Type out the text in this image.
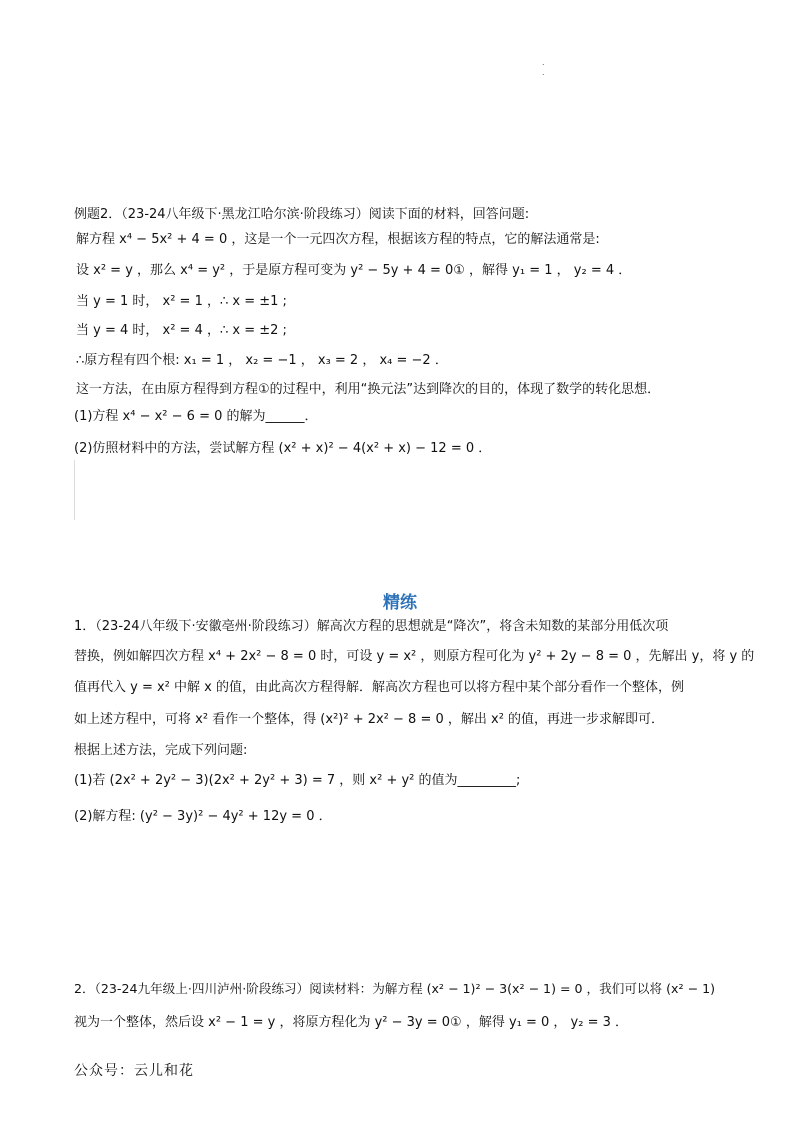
.
.
例题2．（23-24八年级下·黑龙江哈尔滨·阶段练习）阅读下面的材料，回答问题:
解方程 x⁴ − 5x² + 4 = 0 ，这是一个一元四次方程，根据该方程的特点，它的解法通常是:
设 x² = y ，那么 x⁴ = y² ，于是原方程可变为 y² − 5y + 4 = 0① ，解得 y₁ = 1 ， y₂ = 4 ．
当 y = 1 时， x² = 1 ，∴ x = ±1 ;
当 y = 4 时， x² = 4 ，∴ x = ±2 ;
∴原方程有四个根: x₁ = 1 ， x₂ = −1 ， x₃ = 2 ， x₄ = −2 ．
这一方法，在由原方程得到方程①的过程中，利用“换元法”达到降次的目的，体现了数学的转化思想．
(1)方程 x⁴ − x² − 6 = 0 的解为______．
(2)仿照材料中的方法，尝试解方程 (x² + x)² − 4(x² + x) − 12 = 0 ．
精练
1．（23-24八年级下·安徽亳州·阶段练习）解高次方程的思想就是“降次”，将含未知数的某部分用低次项
替换，例如解四次方程 x⁴ + 2x² − 8 = 0 时，可设 y = x² ，则原方程可化为 y² + 2y − 8 = 0 ，先解出 y，将 y 的
值再代入 y = x² 中解 x 的值，由此高次方程得解．解高次方程也可以将方程中某个部分看作一个整体，例
如上述方程中，可将 x² 看作一个整体，得 (x²)² + 2x² − 8 = 0 ，解出 x² 的值，再进一步求解即可．
根据上述方法，完成下列问题:
(1)若 (2x² + 2y² − 3)(2x² + 2y² + 3) = 7 ，则 x² + y² 的值为_________;
(2)解方程: (y² − 3y)² − 4y² + 12y = 0 ．
2．（23-24九年级上·四川泸州·阶段练习）阅读材料：为解方程 (x² − 1)² − 3(x² − 1) = 0 ，我们可以将 (x² − 1)
视为一个整体，然后设 x² − 1 = y ，将原方程化为 y² − 3y = 0① ，解得 y₁ = 0 ， y₂ = 3 ．
公众号：云儿和花
